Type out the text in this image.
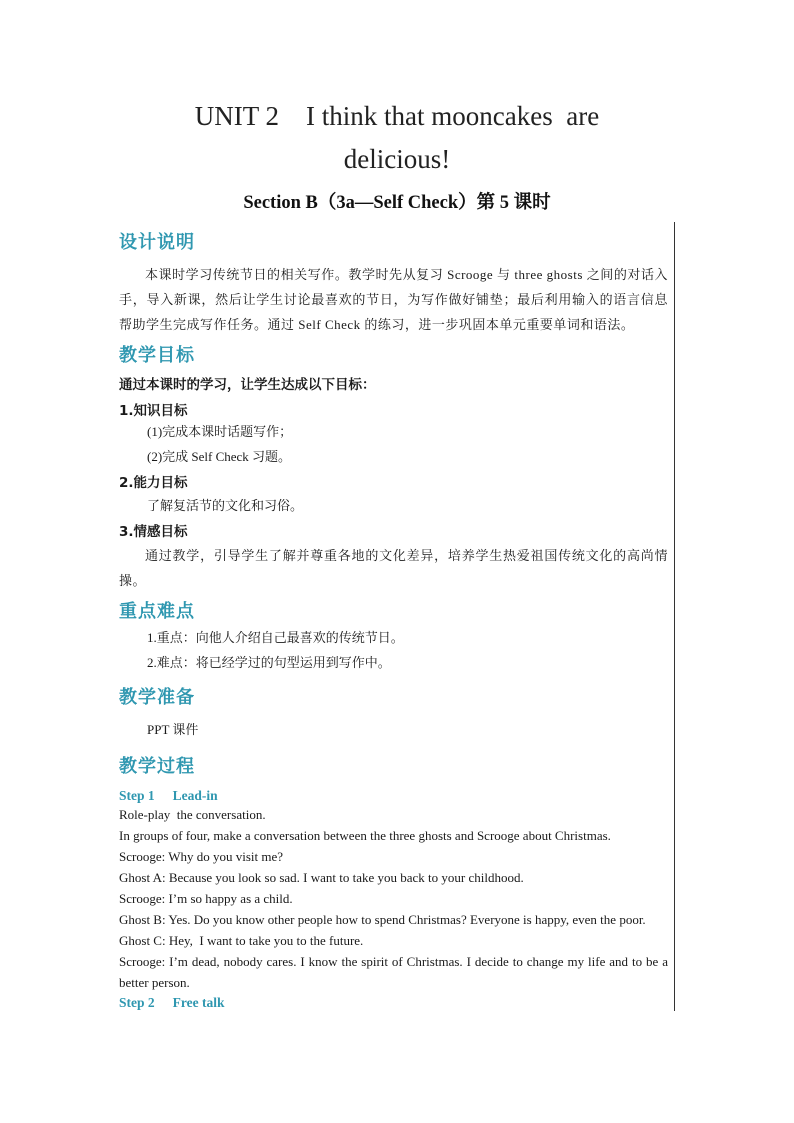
UNIT 2    I think that mooncakes  are
delicious!
Section B（3a—Self Check）第 5 课时

设计说明

本课时学习传统节日的相关写作。教学时先从复习 Scrooge 与 three ghosts 之间的对话入手，导入新课，然后让学生讨论最喜欢的节日，为写作做好铺垫；最后利用输入的语言信息帮助学生完成写作任务。通过 Self Check 的练习，进一步巩固本单元重要单词和语法。

教学目标

通过本课时的学习，让学生达成以下目标：

1.知识目标

(1)完成本课时话题写作；

(2)完成 Self Check 习题。

2.能力目标

了解复活节的文化和习俗。

3.情感目标

通过教学，引导学生了解并尊重各地的文化差异，培养学生热爱祖国传统文化的高尚情操。

重点难点

1.重点：向他人介绍自己最喜欢的传统节日。

2.难点：将已经学过的句型运用到写作中。

教学准备

PPT 课件

教学过程

Step 1 Lead-in

Role-play  the conversation.

In groups of four, make a conversation between the three ghosts and Scrooge about Christmas.

Scrooge: Why do you visit me?

Ghost A: Because you look so sad. I want to take you back to your childhood.

Scrooge: I’m so happy as a child.

Ghost B: Yes. Do you know other people how to spend Christmas? Everyone is happy, even the poor.

Ghost C: Hey,  I want to take you to the future.

Scrooge: I’m dead, nobody cares. I know the spirit of Christmas. I decide to change my life and to be a better person.

Step 2 Free talk
